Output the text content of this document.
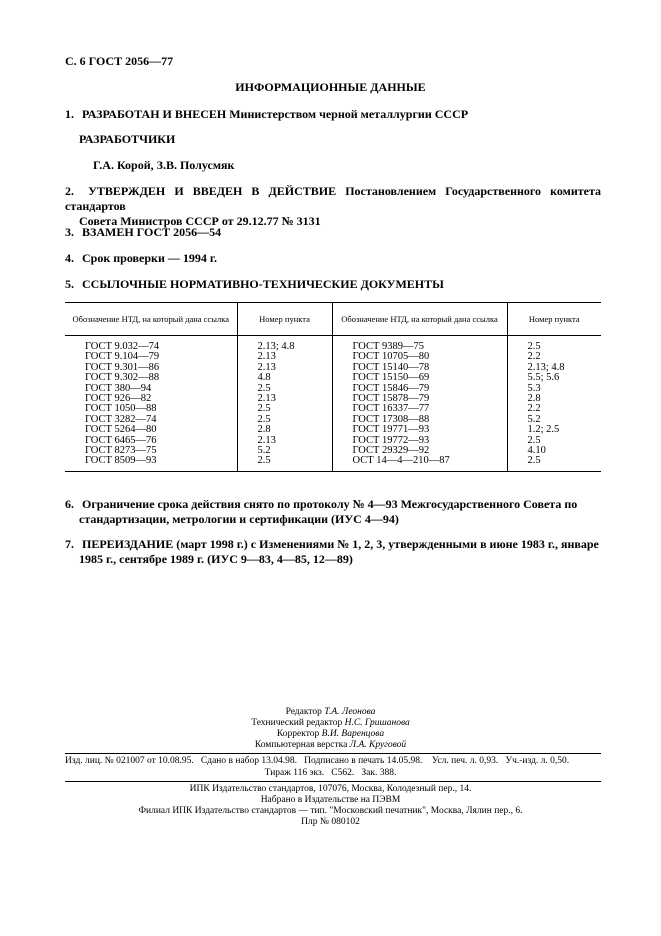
С. 6 ГОСТ 2056—77
ИНФОРМАЦИОННЫЕ ДАННЫЕ
1. РАЗРАБОТАН И ВНЕСЕН Министерством черной металлургии СССР
РАЗРАБОТЧИКИ
Г.А. Корой, З.В. Полусмяк
2. УТВЕРЖДЕН И ВВЕДЕН В ДЕЙСТВИЕ Постановлением Государственного комитета стандартов
Совета Министров СССР от 29.12.77 № 3131
3. ВЗАМЕН ГОСТ 2056—54
4. Срок проверки — 1994 г.
5. ССЫЛОЧНЫЕ НОРМАТИВНО-ТЕХНИЧЕСКИЕ ДОКУМЕНТЫ
Обозначение НТД, на который дана ссылка	Номер пункта	Обозначение НТД, на который дана ссылка	Номер пункта
ГОСТ 9.032—74	2.13; 4.8	ГОСТ 9389—75	2.5
ГОСТ 9.104—79	2.13	ГОСТ 10705—80	2.2
ГОСТ 9.301—86	2.13	ГОСТ 15140—78	2.13; 4.8
ГОСТ 9.302—88	4.8	ГОСТ 15150—69	5.5; 5.6
ГОСТ 380—94	2.5	ГОСТ 15846—79	5.3
ГОСТ 926—82	2.13	ГОСТ 15878—79	2.8
ГОСТ 1050—88	2.5	ГОСТ 16337—77	2.2
ГОСТ 3282—74	2.5	ГОСТ 17308—88	5.2
ГОСТ 5264—80	2.8	ГОСТ 19771—93	1.2; 2.5
ГОСТ 6465—76	2.13	ГОСТ 19772—93	2.5
ГОСТ 8273—75	5.2	ГОСТ 29329—92	4.10
ГОСТ 8509—93	2.5	ОСТ 14—4—210—87	2.5
6. Ограничение срока действия снято по протоколу № 4—93 Межгосударственного Совета по
стандартизации, метрологии и сертификации (ИУС 4—94)
7. ПЕРЕИЗДАНИЕ (март 1998 г.) с Изменениями № 1, 2, 3, утвержденными в июне 1983 г., январе
1985 г., сентябре 1989 г. (ИУС 9—83, 4—85, 12—89)
Редактор Т.А. Леонова
Технический редактор Н.С. Гришанова
Корректор В.И. Варенцова
Компьютерная верстка Л.А. Круговой
Изд. лиц. № 021007 от 10.08.95.   Сдано в набор 13.04.98.   Подписано в печать 14.05.98.    Усл. печ. л. 0,93.   Уч.-изд. л. 0,50.
Тираж 116 экз.   С562.   Зак. 388.
ИПК Издательство стандартов, 107076, Москва, Колодезный пер., 14.
Набрано в Издательстве на ПЭВМ
Филиал ИПК Издательство стандартов — тип. "Московский печатник", Москва, Лялин пер., 6.
Плр № 080102
